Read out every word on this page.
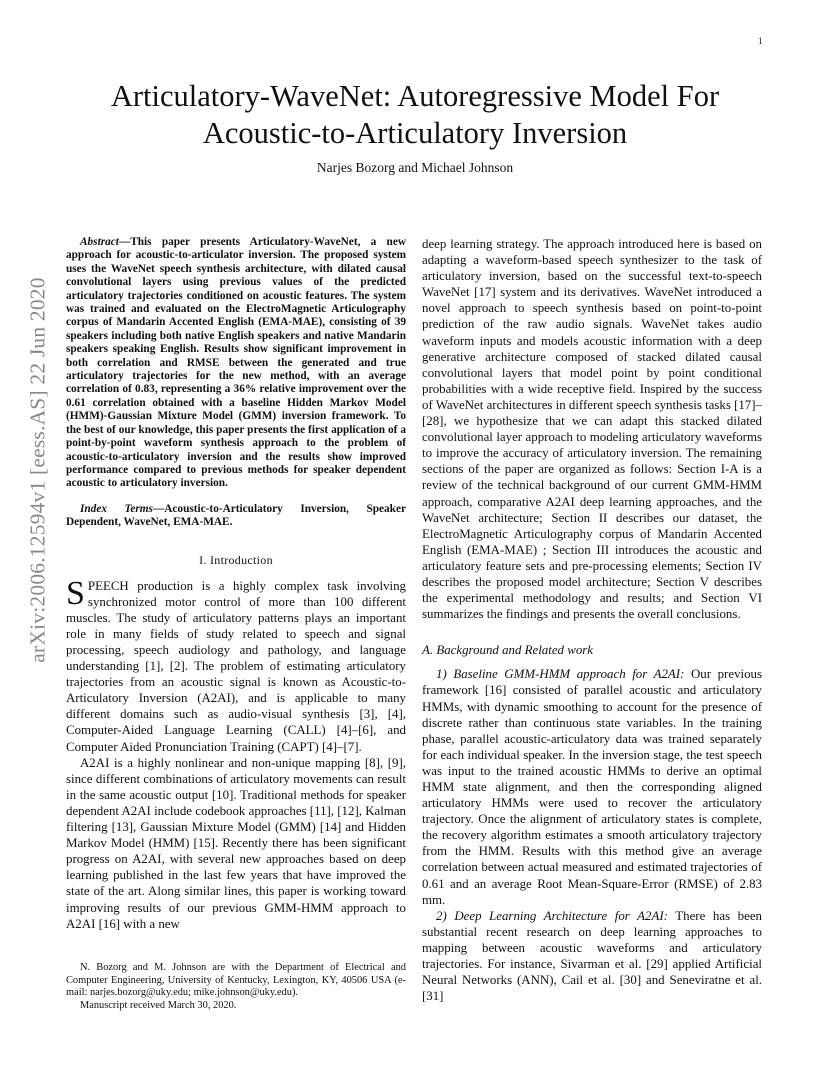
1
arXiv:2006.12594v1 [eess.AS] 22 Jun 2020
Articulatory-WaveNet: Autoregressive Model For Acoustic-to-Articulatory Inversion
Narjes Bozorg and Michael Johnson

Abstract—This paper presents Articulatory-WaveNet, a new approach for acoustic-to-articulator inversion. The proposed system uses the WaveNet speech synthesis architecture, with dilated causal convolutional layers using previous values of the predicted articulatory trajectories conditioned on acoustic features. The system was trained and evaluated on the ElectroMagnetic Articulography corpus of Mandarin Accented English (EMA-MAE), consisting of 39 speakers including both native English speakers and native Mandarin speakers speaking English. Results show significant improvement in both correlation and RMSE between the generated and true articulatory trajectories for the new method, with an average correlation of 0.83, representing a 36% relative improvement over the 0.61 correlation obtained with a baseline Hidden Markov Model (HMM)-Gaussian Mixture Model (GMM) inversion framework. To the best of our knowledge, this paper presents the first application of a point-by-point waveform synthesis approach to the problem of acoustic-to-articulatory inversion and the results show improved performance compared to previous methods for speaker dependent acoustic to articulatory inversion.

Index Terms—Acoustic-to-Articulatory Inversion, Speaker Dependent, WaveNet, EMA-MAE.

I. Introduction

SPEECH production is a highly complex task involving synchronized motor control of more than 100 different muscles. The study of articulatory patterns plays an important role in many fields of study related to speech and signal processing, speech audiology and pathology, and language understanding [1], [2]. The problem of estimating articulatory trajectories from an acoustic signal is known as Acoustic-to-Articulatory Inversion (A2AI), and is applicable to many different domains such as audio-visual synthesis [3], [4], Computer-Aided Language Learning (CALL) [4]–[6], and Computer Aided Pronunciation Training (CAPT) [4]–[7].

A2AI is a highly nonlinear and non-unique mapping [8], [9], since different combinations of articulatory movements can result in the same acoustic output [10]. Traditional methods for speaker dependent A2AI include codebook approaches [11], [12], Kalman filtering [13], Gaussian Mixture Model (GMM) [14] and Hidden Markov Model (HMM) [15]. Recently there has been significant progress on A2AI, with several new approaches based on deep learning published in the last few years that have improved the state of the art. Along similar lines, this paper is working toward improving results of our previous GMM-HMM approach to A2AI [16] with a new

deep learning strategy. The approach introduced here is based on adapting a waveform-based speech synthesizer to the task of articulatory inversion, based on the successful text-to-speech WaveNet [17] system and its derivatives. WaveNet introduced a novel approach to speech synthesis based on point-to-point prediction of the raw audio signals. WaveNet takes audio waveform inputs and models acoustic information with a deep generative architecture composed of stacked dilated causal convolutional layers that model point by point conditional probabilities with a wide receptive field. Inspired by the success of WaveNet architectures in different speech synthesis tasks [17]–[28], we hypothesize that we can adapt this stacked dilated convolutional layer approach to modeling articulatory waveforms to improve the accuracy of articulatory inversion. The remaining sections of the paper are organized as follows: Section I-A is a review of the technical background of our current GMM-HMM approach, comparative A2AI deep learning approaches, and the WaveNet architecture; Section II describes our dataset, the ElectroMagnetic Articulography corpus of Mandarin Accented English (EMA-MAE) ; Section III introduces the acoustic and articulatory feature sets and pre-processing elements; Section IV describes the proposed model architecture; Section V describes the experimental methodology and results; and Section VI summarizes the findings and presents the overall conclusions.

A. Background and Related work

1) Baseline GMM-HMM approach for A2AI: Our previous framework [16] consisted of parallel acoustic and articulatory HMMs, with dynamic smoothing to account for the presence of discrete rather than continuous state variables. In the training phase, parallel acoustic-articulatory data was trained separately for each individual speaker. In the inversion stage, the test speech was input to the trained acoustic HMMs to derive an optimal HMM state alignment, and then the corresponding aligned articulatory HMMs were used to recover the articulatory trajectory. Once the alignment of articulatory states is complete, the recovery algorithm estimates a smooth articulatory trajectory from the HMM. Results with this method give an average correlation between actual measured and estimated trajectories of 0.61 and an average Root Mean-Square-Error (RMSE) of 2.83 mm.

2) Deep Learning Architecture for A2AI: There has been substantial recent research on deep learning approaches to mapping between acoustic waveforms and articulatory trajectories. For instance, Sivarman et al. [29] applied Artificial Neural Networks (ANN), Cail et al. [30] and Seneviratne et al. [31]

N. Bozorg and M. Johnson are with the Department of Electrical and Computer Engineering, University of Kentucky, Lexington, KY, 40506 USA (e-mail: narjes.bozorg@uky.edu; mike.johnson@uky.edu).

Manuscript received March 30, 2020.
